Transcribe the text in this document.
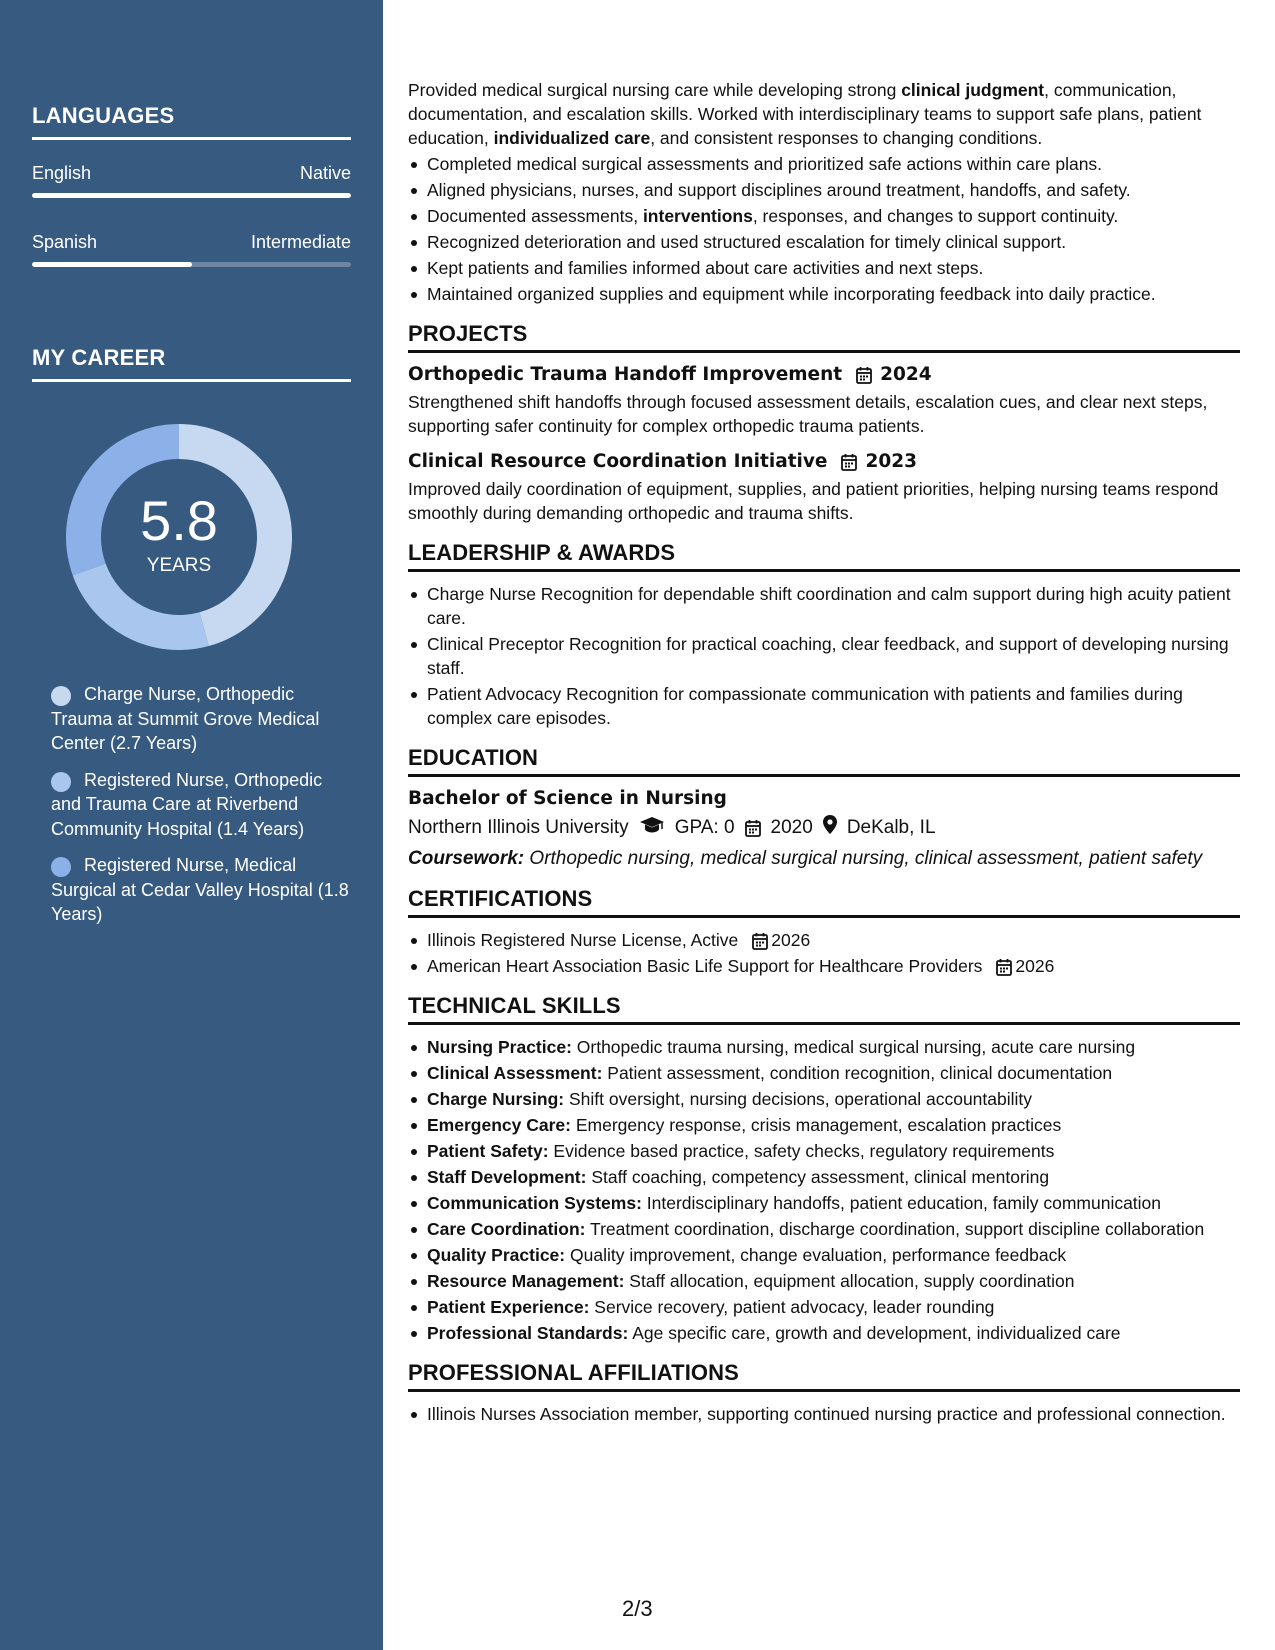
LANGUAGES
English	Native
Spanish	Intermediate
MY CAREER
5.8
YEARS
Charge Nurse, Orthopedic Trauma at Summit Grove Medical Center (2.7 Years)
Registered Nurse, Orthopedic and Trauma Care at Riverbend Community Hospital (1.4 Years)
Registered Nurse, Medical Surgical at Cedar Valley Hospital (1.8 Years)

Provided medical surgical nursing care while developing strong clinical judgment, communication, documentation, and escalation skills. Worked with interdisciplinary teams to support safe plans, patient education, individualized care, and consistent responses to changing conditions.

Completed medical surgical assessments and prioritized safe actions within care plans.
Aligned physicians, nurses, and support disciplines around treatment, handoffs, and safety.
Documented assessments, interventions, responses, and changes to support continuity.
Recognized deterioration and used structured escalation for timely clinical support.
Kept patients and families informed about care activities and next steps.
Maintained organized supplies and equipment while incorporating feedback into daily practice.
PROJECTS
Orthopedic Trauma Handoff Improvement 2024

Strengthened shift handoffs through focused assessment details, escalation cues, and clear next steps, supporting safer continuity for complex orthopedic trauma patients.

Clinical Resource Coordination Initiative 2023

Improved daily coordination of equipment, supplies, and patient priorities, helping nursing teams respond smoothly during demanding orthopedic and trauma shifts.

LEADERSHIP & AWARDS
Charge Nurse Recognition for dependable shift coordination and calm support during high acuity patient care.
Clinical Preceptor Recognition for practical coaching, clear feedback, and support of developing nursing staff.
Patient Advocacy Recognition for compassionate communication with patients and families during complex care episodes.
EDUCATION
Bachelor of Science in Nursing
Northern Illinois University GPA: 0 2020 DeKalb, IL

Coursework: Orthopedic nursing, medical surgical nursing, clinical assessment, patient safety

CERTIFICATIONS
Illinois Registered Nurse License, Active 2026
American Heart Association Basic Life Support for Healthcare Providers 2026
TECHNICAL SKILLS
Nursing Practice: Orthopedic trauma nursing, medical surgical nursing, acute care nursing
Clinical Assessment: Patient assessment, condition recognition, clinical documentation
Charge Nursing: Shift oversight, nursing decisions, operational accountability
Emergency Care: Emergency response, crisis management, escalation practices
Patient Safety: Evidence based practice, safety checks, regulatory requirements
Staff Development: Staff coaching, competency assessment, clinical mentoring
Communication Systems: Interdisciplinary handoffs, patient education, family communication
Care Coordination: Treatment coordination, discharge coordination, support discipline collaboration
Quality Practice: Quality improvement, change evaluation, performance feedback
Resource Management: Staff allocation, equipment allocation, supply coordination
Patient Experience: Service recovery, patient advocacy, leader rounding
Professional Standards: Age specific care, growth and development, individualized care
PROFESSIONAL AFFILIATIONS
Illinois Nurses Association member, supporting continued nursing practice and professional connection.
2/3
